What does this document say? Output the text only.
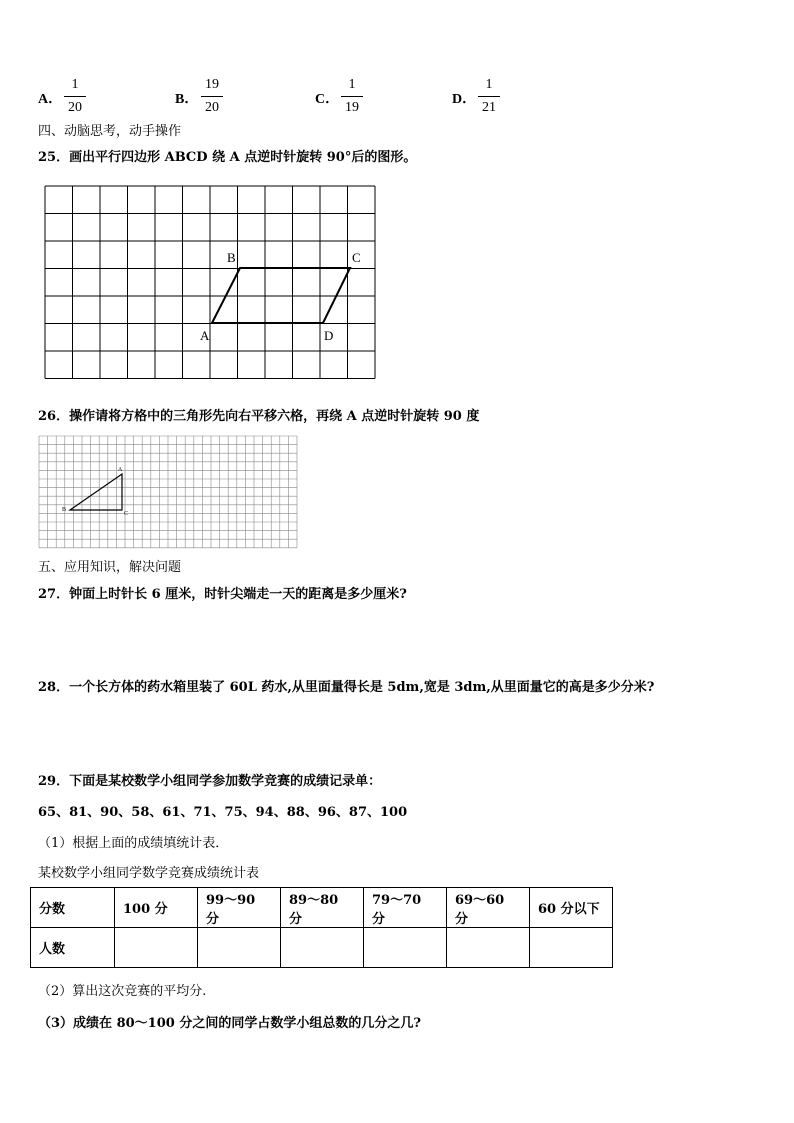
A．
1
20
B．
19
20
C．
1
19
D．
1
21
四、动脑思考，动手操作
25．画出平行四边形 ABCD 绕 A 点逆时针旋转 90°后的图形。
B	C
A	D
26．操作请将方格中的三角形先向右平移六格，再绕 A 点逆时针旋转 90 度
A
B
C
五、应用知识，解决问题
27．钟面上时针长 6 厘米，时针尖端走一天的距离是多少厘米?
28．一个长方体的药水箱里装了 60L 药水,从里面量得长是 5dm,宽是 3dm,从里面量它的高是多少分米?
29．下面是某校数学小组同学参加数学竞赛的成绩记录单：
65、81、90、58、61、71、75、94、88、96、87、100
（1）根据上面的成绩填统计表．
某校数学小组同学数学竞赛成绩统计表
分数	100 分	99～90 分	89～80 分	79～70 分	69～60 分	60 分以下
人数						
（2）算出这次竞赛的平均分.
（3）成绩在 80～100 分之间的同学占数学小组总数的几分之几?
